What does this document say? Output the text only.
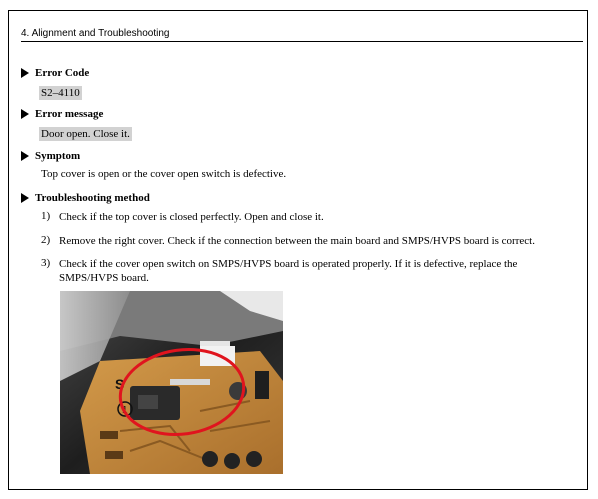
4. Alignment and Troubleshooting
Error Code
S2–4110
Error message
Door open. Close it.
Symptom
Top cover is open or the cover open switch is defective.
Troubleshooting method
1) Check if the top cover is closed perfectly. Open and close it.
2) Remove the right cover. Check if the connection between the main board and SMPS/HVPS board is correct.
3) Check if the cover open switch on SMPS/HVPS board is operated properly. If it is defective, replace the SMPS/HVPS board.
1
S
